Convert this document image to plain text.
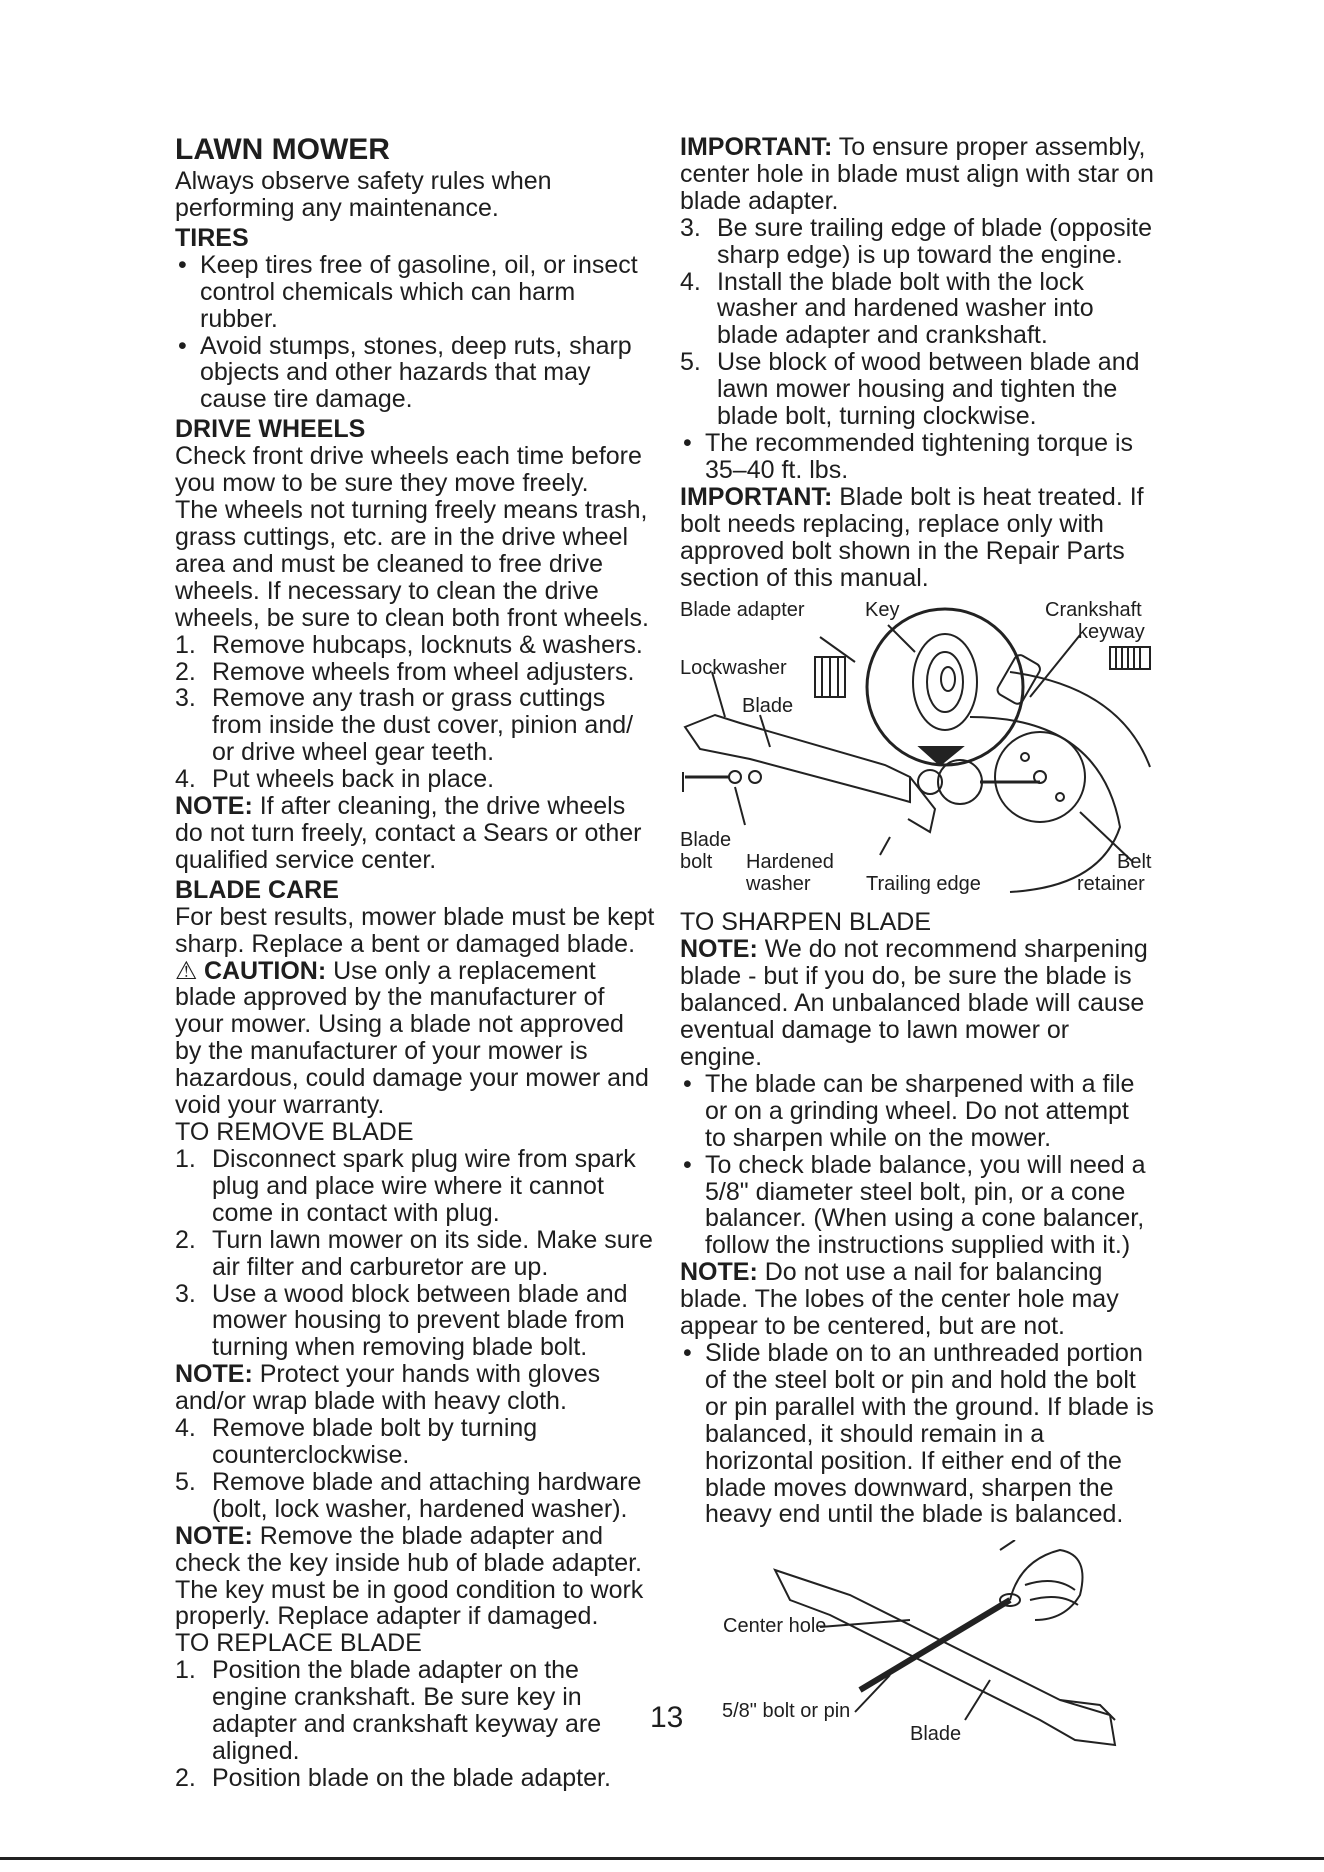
LAWN MOWER

Always observe safety rules when performing any maintenance.

TIRES
• Keep tires free of gasoline, oil, or insect control chemicals which can harm rubber.
• Avoid stumps, stones, deep ruts, sharp objects and other hazards that may cause tire damage.
DRIVE WHEELS

Check front drive wheels each time before you mow to be sure they move freely.

The wheels not turning freely means trash, grass cuttings, etc. are in the drive wheel area and must be cleaned to free drive wheels. If necessary to clean the drive wheels, be sure to clean both front wheels.

1. Remove hubcaps, locknuts & washers.
2. Remove wheels from wheel adjusters.
3. Remove any trash or grass cuttings from inside the dust cover, pinion and/ or drive wheel gear teeth.
4. Put wheels back in place.

NOTE: If after cleaning, the drive wheels do not turn freely, contact a Sears or other qualified service center.

BLADE CARE

For best results, mower blade must be kept sharp. Replace a bent or damaged blade.

⚠ CAUTION: Use only a replacement blade approved by the manufacturer of your mower. Using a blade not approved by the manufacturer of your mower is hazardous, could damage your mower and void your warranty.

TO REMOVE BLADE
1. Disconnect spark plug wire from spark plug and place wire where it cannot come in contact with plug.
2. Turn lawn mower on its side. Make sure air filter and carburetor are up.
3. Use a wood block between blade and mower housing to prevent blade from turning when removing blade bolt.

NOTE: Protect your hands with gloves and/or wrap blade with heavy cloth.

4. Remove blade bolt by turning counterclockwise.
5. Remove blade and attaching hardware (bolt, lock washer, hardened washer).

NOTE: Remove the blade adapter and check the key inside hub of blade adapter. The key must be in good condition to work properly. Replace adapter if damaged.

TO REPLACE BLADE
1. Position the blade adapter on the engine crankshaft. Be sure key in adapter and crankshaft keyway are aligned.
2. Position blade on the blade adapter.

IMPORTANT: To ensure proper assembly, center hole in blade must align with star on blade adapter.

3. Be sure trailing edge of blade (opposite sharp edge) is up toward the engine.
4. Install the blade bolt with the lock washer and hardened washer into blade adapter and crankshaft.
5. Use block of wood between blade and lawn mower housing and tighten the blade bolt, turning clockwise.
• The recommended tightening torque is 35–40 ft. lbs.

IMPORTANT: Blade bolt is heat treated. If bolt needs replacing, replace only with approved bolt shown in the Repair Parts section of this manual.

Blade adapter	Key	Crankshaft
keyway
Lockwasher
Blade
Blade
bolt Hardened
washer	Trailing edge
Belt
retainer
TO SHARPEN BLADE

NOTE: We do not recommend sharpening blade - but if you do, be sure the blade is balanced. An unbalanced blade will cause eventual damage to lawn mower or engine.

• The blade can be sharpened with a file or on a grinding wheel. Do not attempt to sharpen while on the mower.
• To check blade balance, you will need a 5/8" diameter steel bolt, pin, or a cone balancer. (When using a cone balancer, follow the instructions supplied with it.)

NOTE: Do not use a nail for balancing blade. The lobes of the center hole may appear to be centered, but are not.

• Slide blade on to an unthreaded portion of the steel bolt or pin and hold the bolt or pin parallel with the ground. If blade is balanced, it should remain in a horizontal position. If either end of the blade moves downward, sharpen the heavy end until the blade is balanced.
Center hole
5/8" bolt or pin
Blade
13
